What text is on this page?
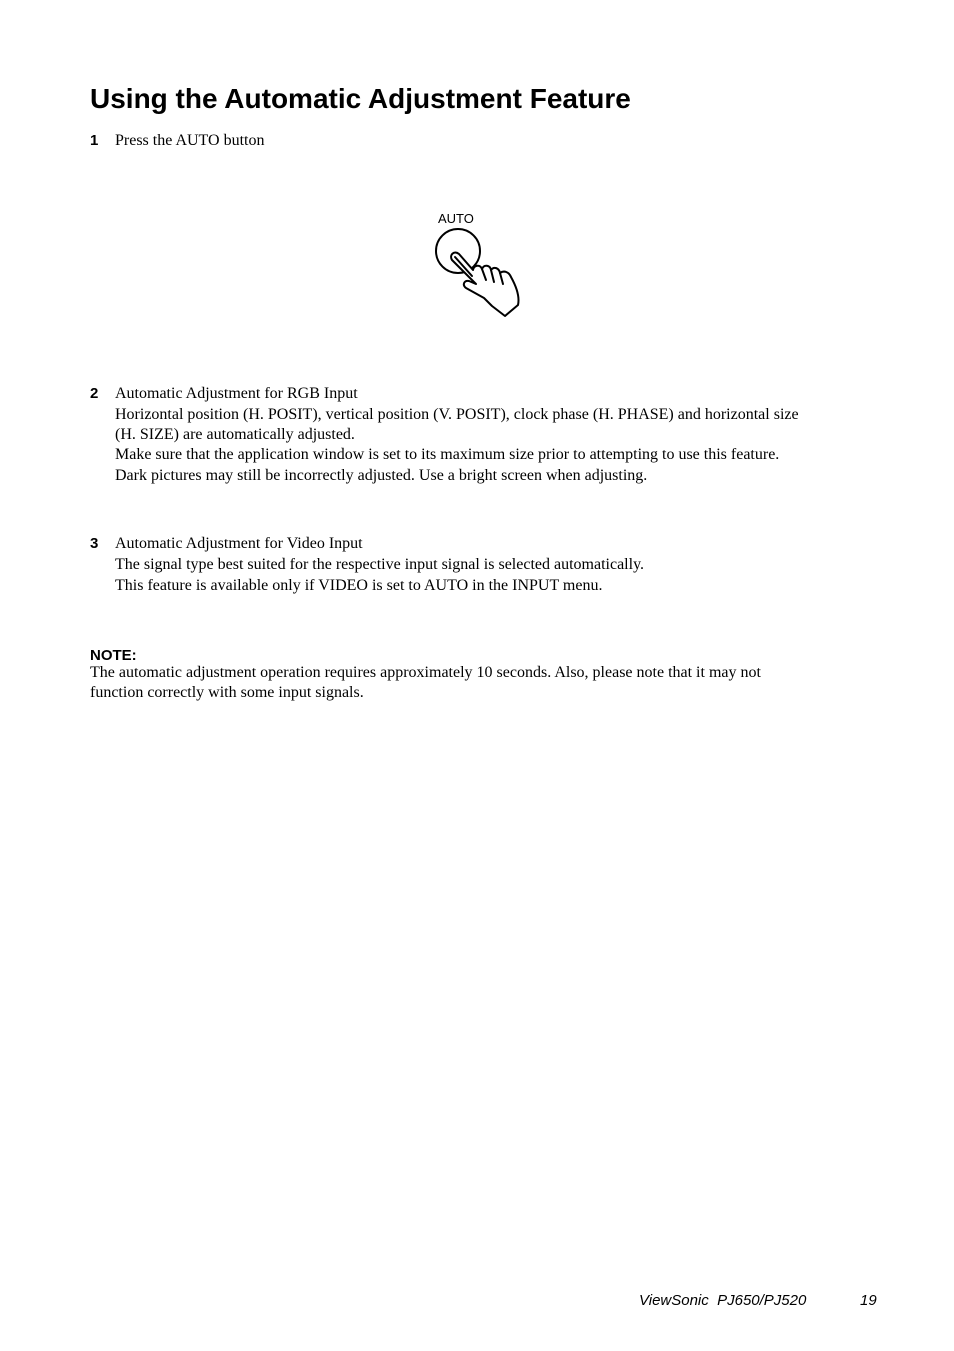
Using the Automatic Adjustment Feature
1	Press the AUTO button
AUTO
2	Automatic Adjustment for RGB Input
Horizontal position (H. POSIT), vertical position (V. POSIT), clock phase (H. PHASE) and horizontal size
(H. SIZE) are automatically adjusted.
Make sure that the application window is set to its maximum size prior to attempting to use this feature.
Dark pictures may still be incorrectly adjusted. Use a bright screen when adjusting.
3	Automatic Adjustment for Video Input
The signal type best suited for the respective input signal is selected automatically.
This feature is available only if VIDEO is set to AUTO in the INPUT menu.
NOTE:
The automatic adjustment operation requires approximately 10 seconds. Also, please note that it may not
function correctly with some input signals.
ViewSonic  PJ650/PJ520	19
